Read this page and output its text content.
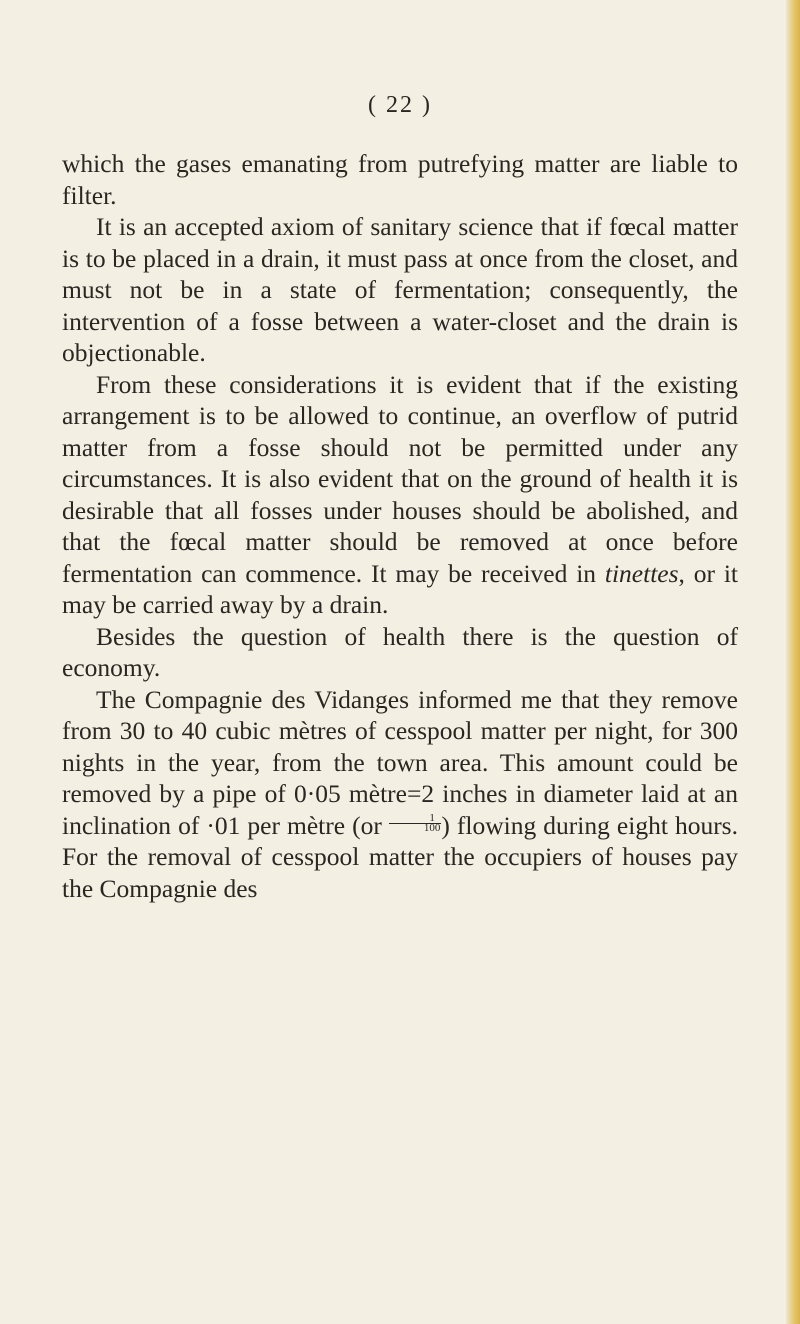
( 22 )

which the gases emanating from putrefying matter are liable to filter.

It is an accepted axiom of sanitary science that if fœcal matter is to be placed in a drain, it must pass at once from the closet, and must not be in a state of fermentation; consequently, the intervention of a fosse between a water-closet and the drain is objectionable.

From these considerations it is evident that if the existing arrangement is to be allowed to continue, an overflow of putrid matter from a fosse should not be permitted under any circumstances. It is also evident that on the ground of health it is desirable that all fosses under houses should be abolished, and that the fœcal matter should be removed at once before fermentation can commence. It may be received in tinettes, or it may be carried away by a drain.

Besides the question of health there is the question of economy.

The Compagnie des Vidanges informed me that they remove from 30 to 40 cubic mètres of cesspool matter per night, for 300 nights in the year, from the town area. This amount could be removed by a pipe of 0·05 mètre=2 inches in diameter laid at an inclination of ·01 per mètre ($or \frac{1}{100}$ ) flowing during eight hours. For the removal of cesspool matter the occupiers of houses pay the Compagnie des
